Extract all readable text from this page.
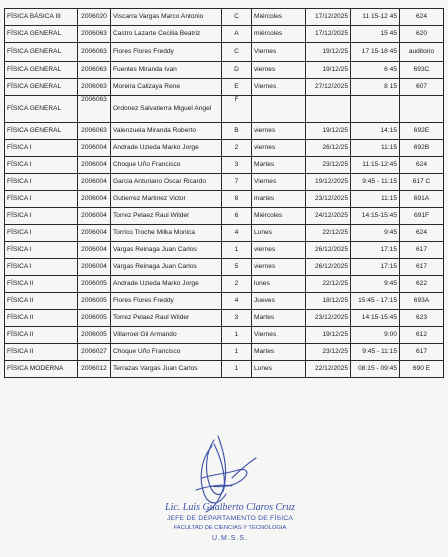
FÍSICA BÁSICA III	2006020	Viscarra Vargas Marco Antonio	C	Miércoles	17/12/2025	11 15-12 45	624
FÍSICA GENERAL	2006063	Castro Lazarte Cecilia Beatriz	A	miércoles	17/12/2025	15 45	620
FÍSICA GENERAL	2006063	Flores Flores Freddy	C	Viernes	19/12/25	17 15-18 45	auditorio
FÍSICA GENERAL	2006063	Fuentes Miranda Ivan	D	viernes	19/12/25	6 45	693C
FÍSICA GENERAL	2006063	Moreira Calizaya Rene	E	Viernes	27/12/2025	8 15	607
FÍSICA GENERAL	2006063	Ordonez Salvatierra Miguel Angel	F				
FÍSICA GENERAL	2006063	Valenzuela Miranda Roberto	B	viernes	19/12/25	14:15	692E
FÍSICA I	2006004	Andrade Uzieda Marko Jorge	2	viernes	26/12/25	11:15	692B
FÍSICA I	2006004	Choque Uño Francisco	3	Martes	23/12/25	11:15-12:45	624
FÍSICA I	2006004	Garcia Anturiano Oscar Ricardo	7	Viernes	19/12/2025	9:45 - 11:15	617 C
FÍSICA I	2006004	Gutierrez Martinez Victor	8	martes	23/12/2025	11:15	691A
FÍSICA I	2006004	Torrez Pelaez Raul Wilder	6	Miércoles	24/12/2025	14:15-15:45	691F
FÍSICA I	2006004	Torrico Troche Milka Monica	4	Lunes	22/12/25	9:45	624
FÍSICA I	2006004	Vargas Reinaga Juan Carlos	1	viernes	26/12/2025	17:15	617
FÍSICA I	2006004	Vargas Reinaga Juan Carlos	5	viernes	26/12/2025	17:15	617
FÍSICA II	2006005	Andrade Uzieda Marko Jorge	2	lunes	22/12/25	9:45	622
FÍSICA II	2006005	Flores Flores Freddy	4	Jueves	18/12/25	15:45 - 17:15	693A
FÍSICA II	2006005	Torrez Pelaez Raul Wilder	3	Martes	23/12/2025	14:15-15:45	623
FÍSICA II	2006005	Villarroel Gil Armando	1	Viernes	19/12/25	9:00	612
FÍSICA II	2006027	Choque Uño Francisco	1	Martes	23/12/25	9:45 - 11:15	617
FÍSICA MODERNA	2006012	Terrazas Vargas Juan Carlos	1	Lunes	22/12/2025	08:15 - 09:45	690 E
Lic. Luis Gualberto Claros Cruz
JEFE DE DEPARTAMENTO DE FÍSICA
FACULTAD DE CIENCIAS Y TECNOLOGIA
U.M.S.S.
